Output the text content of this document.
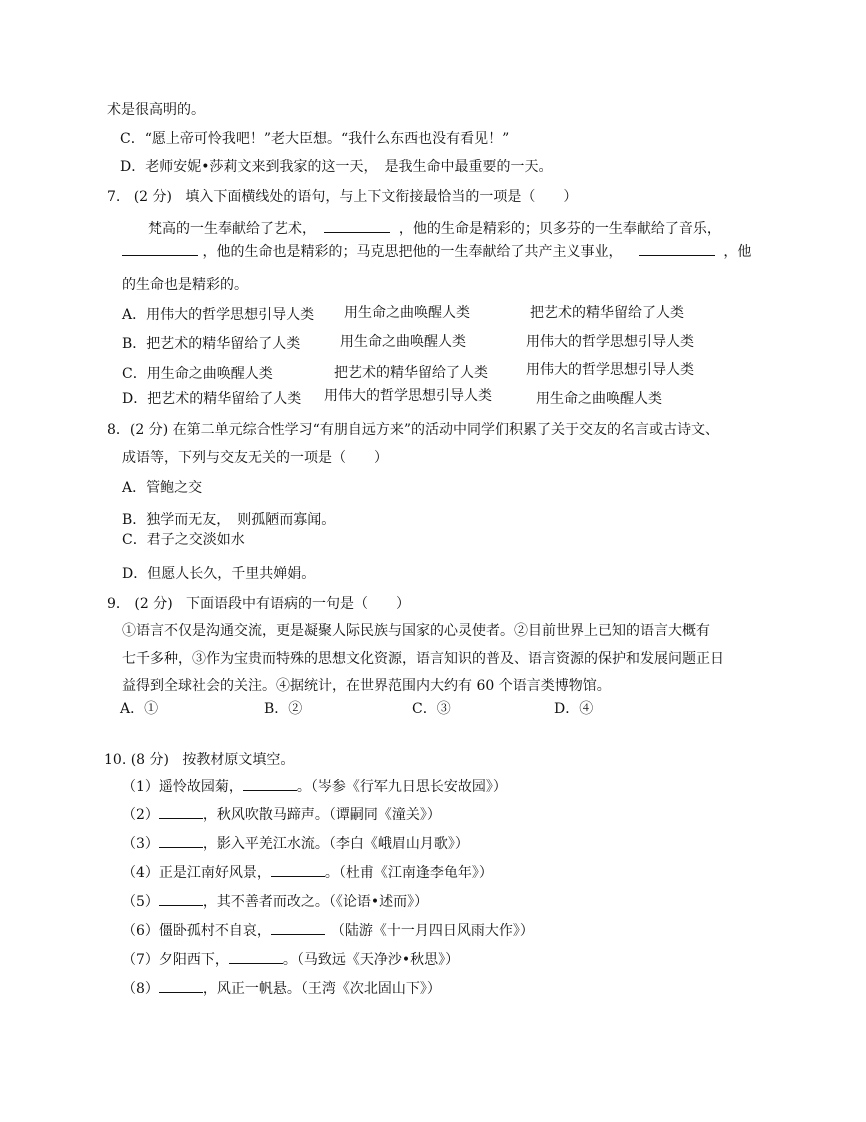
术是很高明的。
C．“愿上帝可怜我吧！”老大臣想。“我什么东西也没有看见！”
D．老师安妮•莎莉文来到我家的这一天，　是我生命中最重要的一天。
7. (2 分) 填入下面横线处的语句，与上下文衔接最恰当的一项是（　　）
梵高的一生奉献给了艺术，	，他的生命是精彩的；贝多芬的一生奉献给了音乐，
，他的生命也是精彩的；马克思把他的一生奉献给了共产主义事业，	，他
的生命也是精彩的。
A．用伟大的哲学思想引导人类 用生命之曲唤醒人类	把艺术的精华留给了人类
B．把艺术的精华留给了人类	用生命之曲唤醒人类	用伟大的哲学思想引导人类
C．用生命之曲唤醒人类	把艺术的精华留给了人类	用伟大的哲学思想引导人类
D．把艺术的精华留给了人类 用伟大的哲学思想引导人类	用生命之曲唤醒人类
8．(2 分) 在第二单元综合性学习“有朋自远方来”的活动中同学们积累了关于交友的名言或古诗文、
成语等，下列与交友无关的一项是（　　）
A．管鲍之交
B．独学而无友，　则孤陋而寡闻。
C．君子之交淡如水
D．但愿人长久，千里共婵娟。
9． (2 分) 下面语段中有语病的一句是（　　）
①语言不仅是沟通交流，更是凝聚人际民族与国家的心灵使者。②目前世界上已知的语言大概有
七千多种，③作为宝贵而特殊的思想文化资源，语言知识的普及、语言资源的保护和发展问题正日
益得到全球社会的关注。④据统计，在世界范围内大约有 60 个语言类博物馆。
A．①	B．②	C．③	D．④
10. (8 分) 按教材原文填空。
（1）遥怜故园菊，	。（岑参《行军九日思长安故园》）
（2）	，秋风吹散马蹄声。（谭嗣同《潼关》）
（3）	，影入平羌江水流。（李白《峨眉山月歌》）
（4）正是江南好风景，	。（杜甫《江南逢李龟年》）
（5）	，其不善者而改之。（《论语•述而》）
（6）僵卧孤村不自哀，	（陆游《十一月四日风雨大作》）
（7）夕阳西下，	。（马致远《天净沙•秋思》）
（8）	，风正一帆悬。（王湾《次北固山下》）
